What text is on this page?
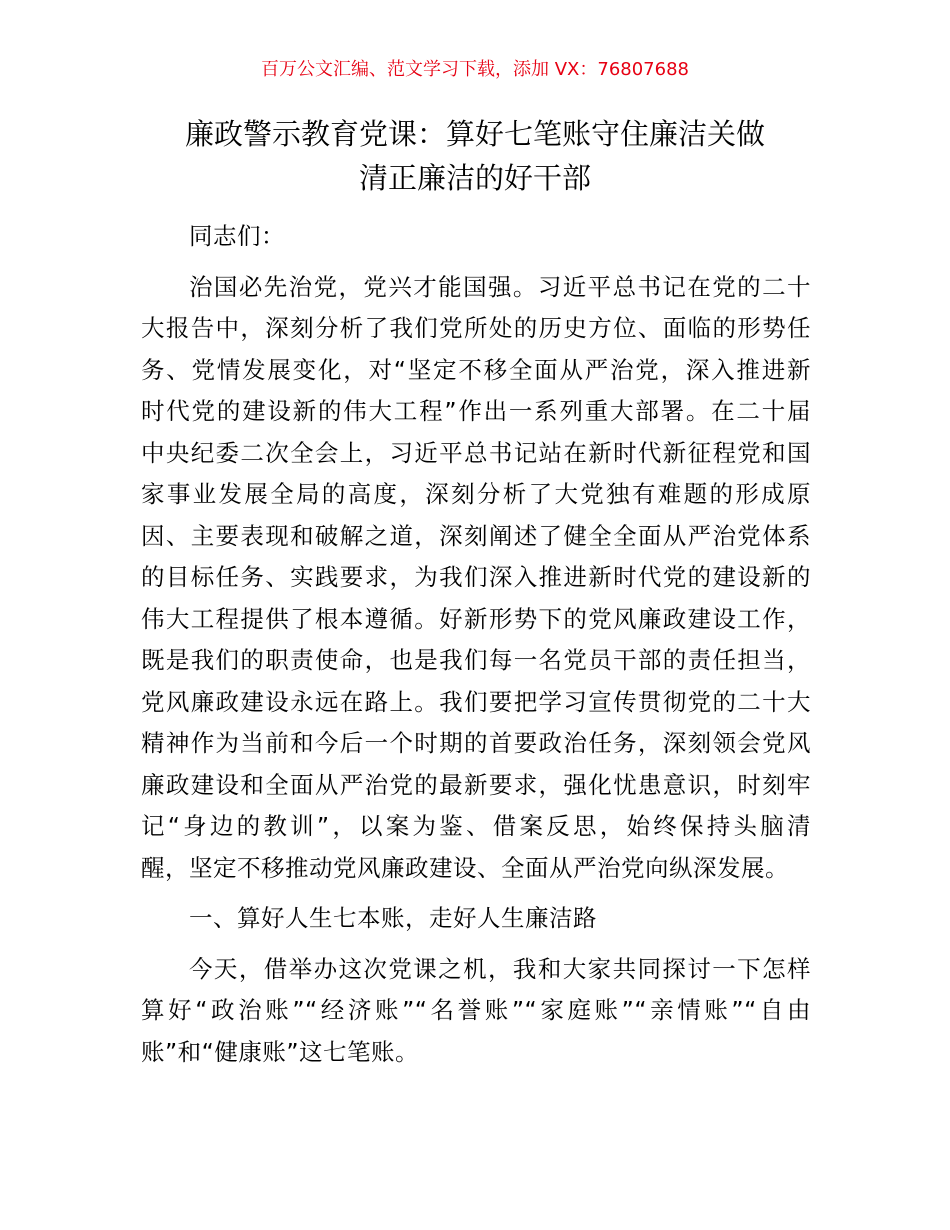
百万公文汇编、范文学习下载，添加 VX：76807688
廉政警示教育党课：算好七笔账守住廉洁关做
清正廉洁的好干部

同志们：

治国必先治党，党兴才能国强。习近平总书记在党的二十
大报告中，深刻分析了我们党所处的历史方位、面临的形势任
务、党情发展变化，对“坚定不移全面从严治党，深入推进新
时代党的建设新的伟大工程”作出一系列重大部署。在二十届
中央纪委二次全会上，习近平总书记站在新时代新征程党和国
家事业发展全局的高度，深刻分析了大党独有难题的形成原
因、主要表现和破解之道，深刻阐述了健全全面从严治党体系
的目标任务、实践要求，为我们深入推进新时代党的建设新的
伟大工程提供了根本遵循。好新形势下的党风廉政建设工作，
既是我们的职责使命，也是我们每一名党员干部的责任担当，
党风廉政建设永远在路上。我们要把学习宣传贯彻党的二十大
精神作为当前和今后一个时期的首要政治任务，深刻领会党风
廉政建设和全面从严治党的最新要求，强化忧患意识，时刻牢
记“身边的教训”，以案为鉴、借案反思，始终保持头脑清
醒，坚定不移推动党风廉政建设、全面从严治党向纵深发展。

一、算好人生七本账，走好人生廉洁路

今天，借举办这次党课之机，我和大家共同探讨一下怎样
算好“政治账”“经济账”“名誉账”“家庭账”“亲情账”“自由
账”和“健康账”这七笔账。
